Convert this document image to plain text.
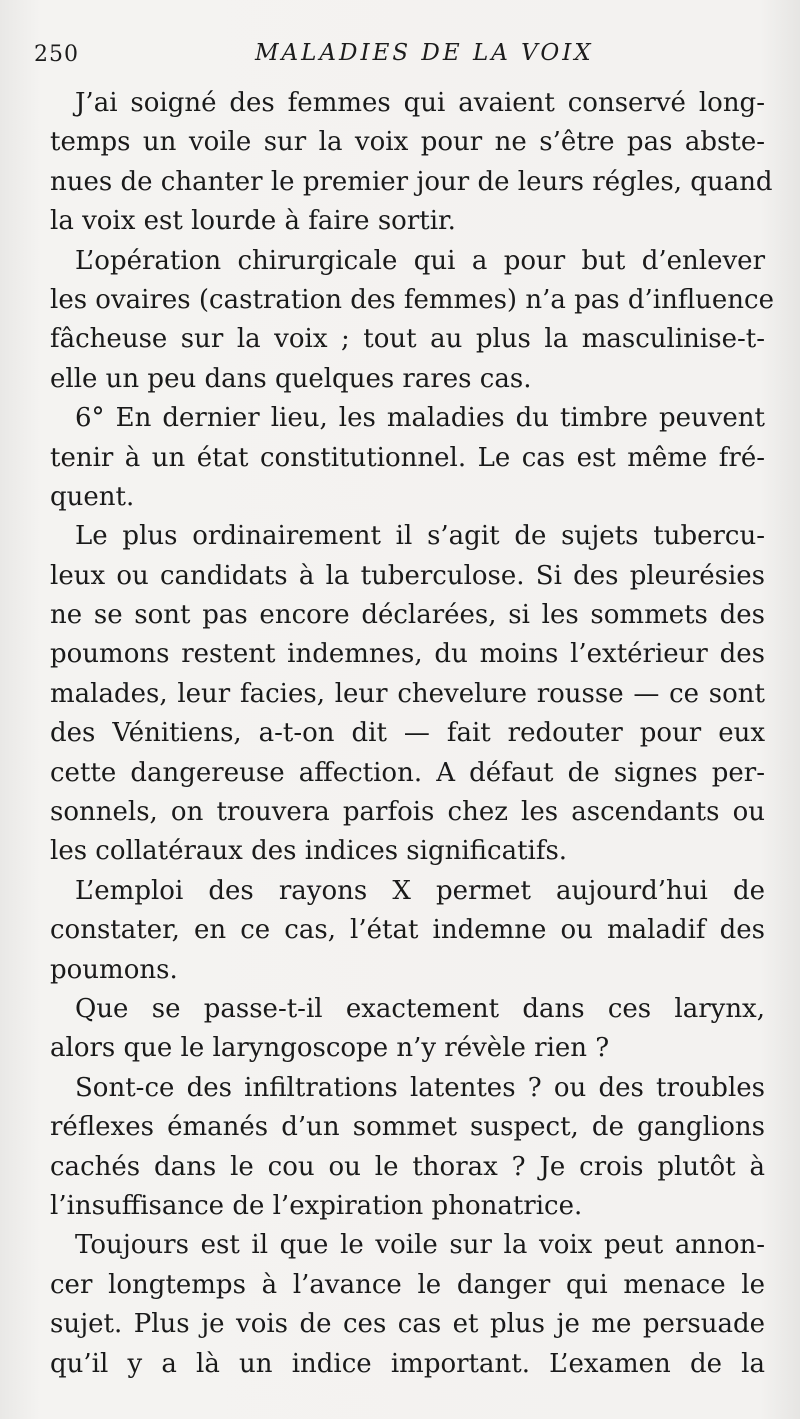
250	MALADIES DE LA VOIX
J’ai soigné des femmes qui avaient conservé long-
temps un voile sur la voix pour ne s’être pas abste-
nues de chanter le premier jour de leurs régles, quand
la voix est lourde à faire sortir.
L’opération chirurgicale qui a pour but d’enlever
les ovaires (castration des femmes) n’a pas d’influence
fâcheuse sur la voix ; tout au plus la masculinise-t-
elle un peu dans quelques rares cas.
6° En dernier lieu, les maladies du timbre peuvent
tenir à un état constitutionnel. Le cas est même fré-
quent.
Le plus ordinairement il s’agit de sujets tubercu-
leux ou candidats à la tuberculose. Si des pleurésies
ne se sont pas encore déclarées, si les sommets des
poumons restent indemnes, du moins l’extérieur des
malades, leur facies, leur chevelure rousse — ce sont
des Vénitiens, a-t-on dit — fait redouter pour eux
cette dangereuse affection. A défaut de signes per-
sonnels, on trouvera parfois chez les ascendants ou
les collatéraux des indices significatifs.
L’emploi des rayons X permet aujourd’hui de
constater, en ce cas, l’état indemne ou maladif des
poumons.
Que se passe-t-il exactement dans ces larynx,
alors que le laryngoscope n’y révèle rien ?
Sont-ce des infiltrations latentes ? ou des troubles
réflexes émanés d’un sommet suspect, de ganglions
cachés dans le cou ou le thorax ? Je crois plutôt à
l’insuffisance de l’expiration phonatrice.
Toujours est il que le voile sur la voix peut annon-
cer longtemps à l’avance le danger qui menace le
sujet. Plus je vois de ces cas et plus je me persuade
qu’il y a là un indice important. L’examen de la
